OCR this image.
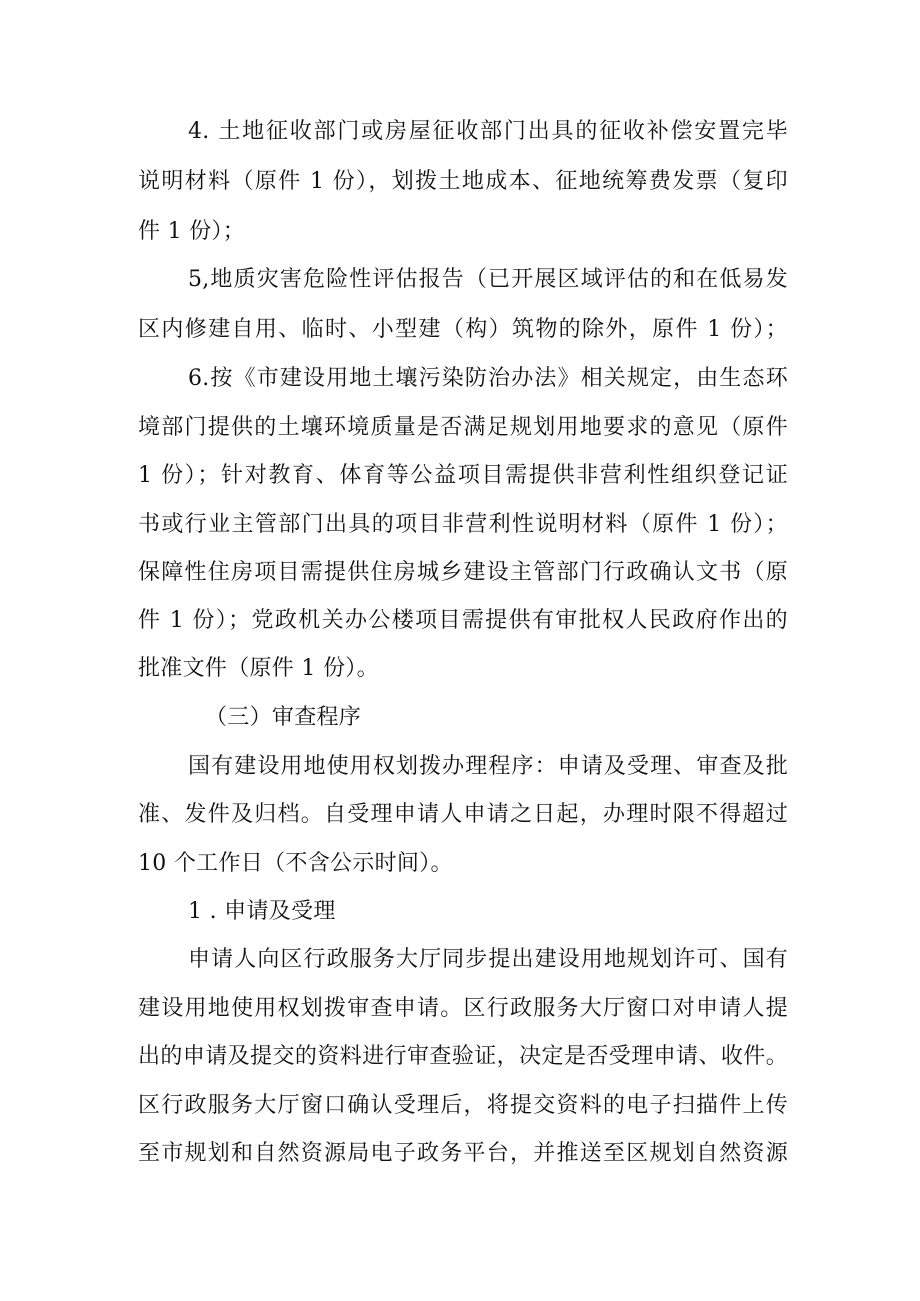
4. 土地征收部门或房屋征收部门出具的征收补偿安置完毕
说明材料（原件 1 份），划拨土地成本、征地统筹费发票（复印
件 1 份）；
5,地质灾害危险性评估报告（已开展区域评估的和在低易发
区内修建自用、临时、小型建（构）筑物的除外，原件 1 份）；
6.按《市建设用地土壤污染防治办法》相关规定，由生态环
境部门提供的土壤环境质量是否满足规划用地要求的意见（原件
1 份）；针对教育、体育等公益项目需提供非营利性组织登记证
书或行业主管部门出具的项目非营利性说明材料（原件 1 份）；
保障性住房项目需提供住房城乡建设主管部门行政确认文书（原
件 1 份）；党政机关办公楼项目需提供有审批权人民政府作出的
批准文件（原件 1 份）。
（三）审查程序
国有建设用地使用权划拨办理程序：申请及受理、审查及批
准、发件及归档。自受理申请人申请之日起，办理时限不得超过
10 个工作日（不含公示时间）。
1 . 申请及受理
申请人向区行政服务大厅同步提出建设用地规划许可、国有
建设用地使用权划拨审查申请。区行政服务大厅窗口对申请人提
出的申请及提交的资料进行审查验证，决定是否受理申请、收件。
区行政服务大厅窗口确认受理后，将提交资料的电子扫描件上传
至市规划和自然资源局电子政务平台，并推送至区规划自然资源
